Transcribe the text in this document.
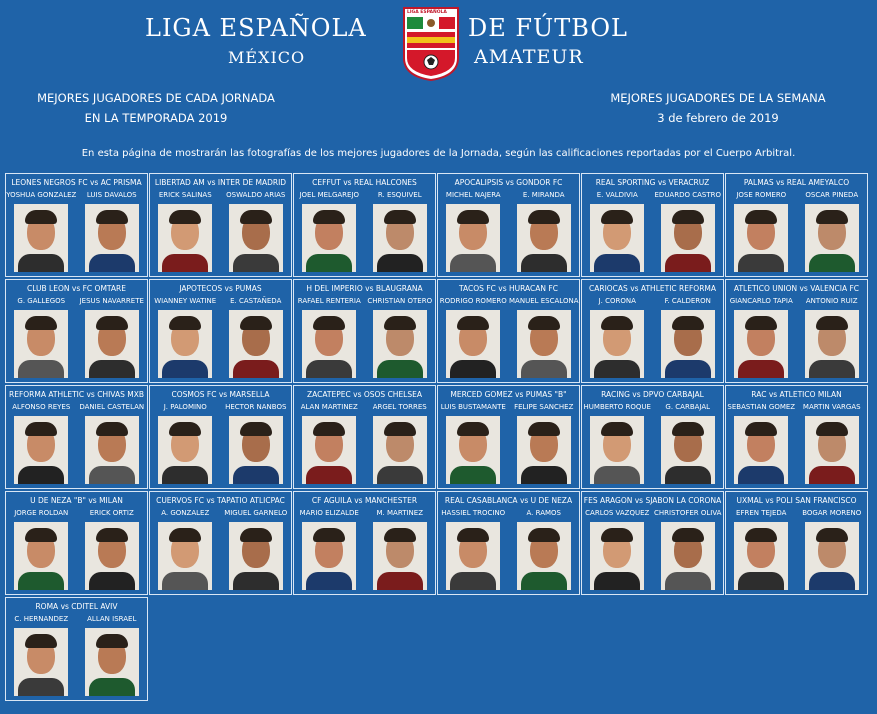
LIGA ESPAÑOLA	DE FÚTBOL
MÉXICO	AMATEUR
LIGA ESPAÑOLA
MEJORES JUGADORES DE CADA JORNADA
EN LA TEMPORADA 2019
MEJORES JUGADORES DE LA SEMANA
3 de febrero de 2019
En esta página de mostrarán las fotografías de los mejores jugadores de la Jornada, según las calificaciones reportadas por el Cuerpo Arbitral.
LEONES NEGROS FC vs AC PRISMA
YOSHUA GONZALEZ	LUIS DAVALOS
LIBERTAD AM vs INTER DE MADRID
ERICK SALINAS	OSWALDO ARIAS
CEFFUT vs REAL HALCONES
JOEL MELGAREJO	R. ESQUIVEL
APOCALIPSIS vs GONDOR FC
MICHEL NAJERA	E. MIRANDA
REAL SPORTING vs VERACRUZ
E. VALDIVIA	EDUARDO CASTRO
PALMAS vs REAL AMEYALCO
JOSE ROMERO	OSCAR PINEDA
CLUB LEON vs FC OMTARE
G. GALLEGOS	JESUS NAVARRETE
JAPOTECOS vs PUMAS
WIANNEY WATINE	E. CASTAÑEDA
H DEL IMPERIO vs BLAUGRANA
RAFAEL RENTERIA CHRISTIAN OTERO
TACOS FC vs HURACAN FC
RODRIGO ROMERO MANUEL ESCALONA
CARIOCAS vs ATHLETIC REFORMA
J. CORONA	F. CALDERON
ATLETICO UNION vs VALENCIA FC
GIANCARLO TAPIA	ANTONIO RUIZ
REFORMA ATHLETIC vs CHIVAS MXB
ALFONSO REYES	DANIEL CASTELAN
COSMOS FC vs MARSELLA
J. PALOMINO	HECTOR NANBOS
ZACATEPEC vs OSOS CHELSEA
ALAN MARTINEZ	ARGEL TORRES
MERCED GOMEZ vs PUMAS "B"
LUIS BUSTAMANTE	FELIPE SANCHEZ
RACING vs DPVO CARBAJAL
HUMBERTO ROQUE	G. CARBAJAL
RAC vs ATLETICO MILAN
SEBASTIAN GOMEZ	MARTIN VARGAS
U DE NEZA "B" vs MILAN
JORGE ROLDAN	ERICK ORTIZ
CUERVOS FC vs TAPATIO ATLICPAC
A. GONZALEZ	MIGUEL GARNELO
CF AGUILA vs MANCHESTER
MARIO ELIZALDE	M. MARTINEZ
REAL CASABLANCA vs U DE NEZA
HASSIEL TROCINO	A. RAMOS
FES ARAGON vs SJABON LA CORONA
CARLOS VAZQUEZ CHRISTOFER OLIVA
UXMAL vs POLI SAN FRANCISCO
EFREN TEJEDA	BOGAR MORENO
ROMA vs CDITEL AVIV
C. HERNANDEZ	ALLAN ISRAEL
